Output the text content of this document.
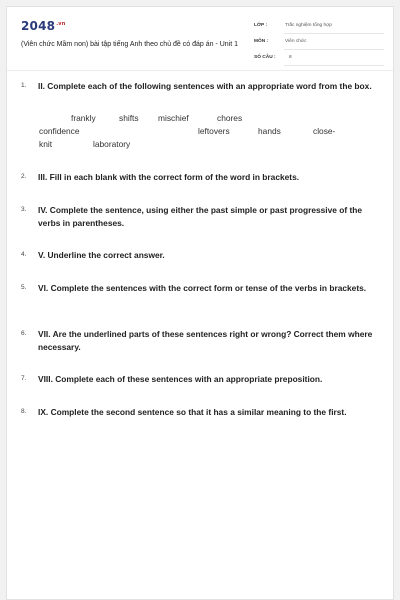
$2048^{.vn}$
(Viên chức Mầm non) bài tập tiếng Anh theo chủ đề có đáp án - Unit 1
LỚP :	Trắc nghiệm tổng hợp
MÔN :	Viên chức
SỐ CÂU :	8
1. II. Complete each of the following sentences with an appropriate word from the box.
frankly	shifts mischief	chores
confidence	leftovers	hands	close-
knit	laboratory
2. III. Fill in each blank with the correct form of the word in brackets.
3. IV. Complete the sentence, using either the past simple or past progressive of the verbs in parentheses.
4. V. Underline the correct answer.
5. VI. Complete the sentences with the correct form or tense of the verbs in brackets.
6. VII. Are the underlined parts of these sentences right or wrong? Correct them where necessary.
7. VIII. Complete each of these sentences with an appropriate preposition.
8. IX. Complete the second sentence so that it has a similar meaning to the first.
